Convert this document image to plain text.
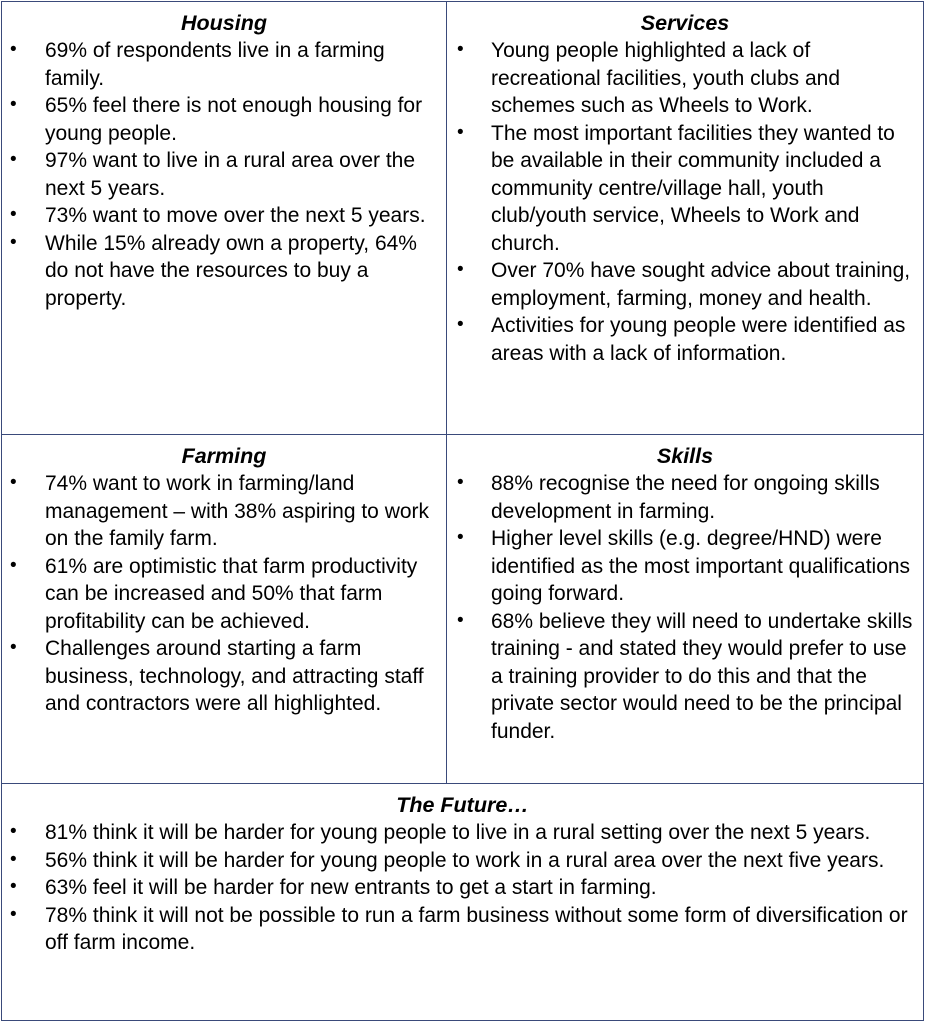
Housing
• 69% of respondents live in a farming family.
• 65% feel there is not enough housing for young people.
• 97% want to live in a rural area over the next 5 years.
• 73% want to move over the next 5 years.
• While 15% already own a property, 64% do not have the resources to buy a property.
Services
• Young people highlighted a lack of recreational facilities, youth clubs and schemes such as Wheels to Work.
• The most important facilities they wanted to be available in their community included a community centre/village hall, youth club/youth service, Wheels to Work and church.
• Over 70% have sought advice about training, employment, farming, money and health.
• Activities for young people were identified as areas with a lack of information.
Farming
• 74% want to work in farming/land management – with 38% aspiring to work on the family farm.
• 61% are optimistic that farm productivity can be increased and 50% that farm profitability can be achieved.
• Challenges around starting a farm business, technology, and attracting staff and contractors were all highlighted.
Skills
• 88% recognise the need for ongoing skills development in farming.
• Higher level skills (e.g. degree/HND) were identified as the most important qualifications going forward.
• 68% believe they will need to undertake skills training - and stated they would prefer to use a training provider to do this and that the private sector would need to be the principal funder.
The Future…
• 81% think it will be harder for young people to live in a rural setting over the next 5 years.
• 56% think it will be harder for young people to work in a rural area over the next five years.
• 63% feel it will be harder for new entrants to get a start in farming.
• 78% think it will not be possible to run a farm business without some form of diversification or off farm income.
